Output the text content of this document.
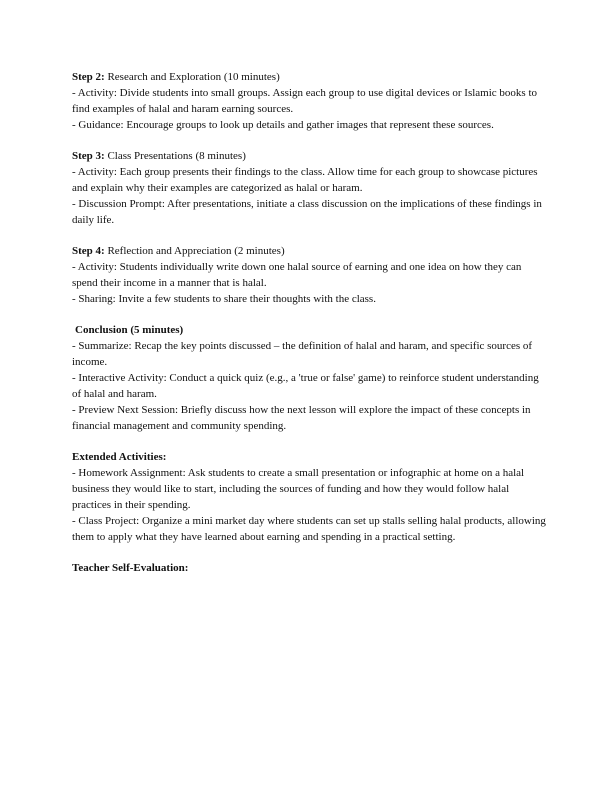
Step 2: Research and Exploration (10 minutes)

- Activity: Divide students into small groups. Assign each group to use digital devices or Islamic books to find examples of halal and haram earning sources.

- Guidance: Encourage groups to look up details and gather images that represent these sources.

Step 3: Class Presentations (8 minutes)

- Activity: Each group presents their findings to the class. Allow time for each group to showcase pictures and explain why their examples are categorized as halal or haram.

- Discussion Prompt: After presentations, initiate a class discussion on the implications of these findings in daily life.

Step 4: Reflection and Appreciation (2 minutes)

- Activity: Students individually write down one halal source of earning and one idea on how they can spend their income in a manner that is halal.

- Sharing: Invite a few students to share their thoughts with the class.

Conclusion (5 minutes)

- Summarize: Recap the key points discussed – the definition of halal and haram, and specific sources of income.

- Interactive Activity: Conduct a quick quiz (e.g., a 'true or false' game) to reinforce student understanding of halal and haram.

- Preview Next Session: Briefly discuss how the next lesson will explore the impact of these concepts in financial management and community spending.

Extended Activities:

- Homework Assignment: Ask students to create a small presentation or infographic at home on a halal business they would like to start, including the sources of funding and how they would follow halal practices in their spending.

- Class Project: Organize a mini market day where students can set up stalls selling halal products, allowing them to apply what they have learned about earning and spending in a practical setting.

Teacher Self-Evaluation:
